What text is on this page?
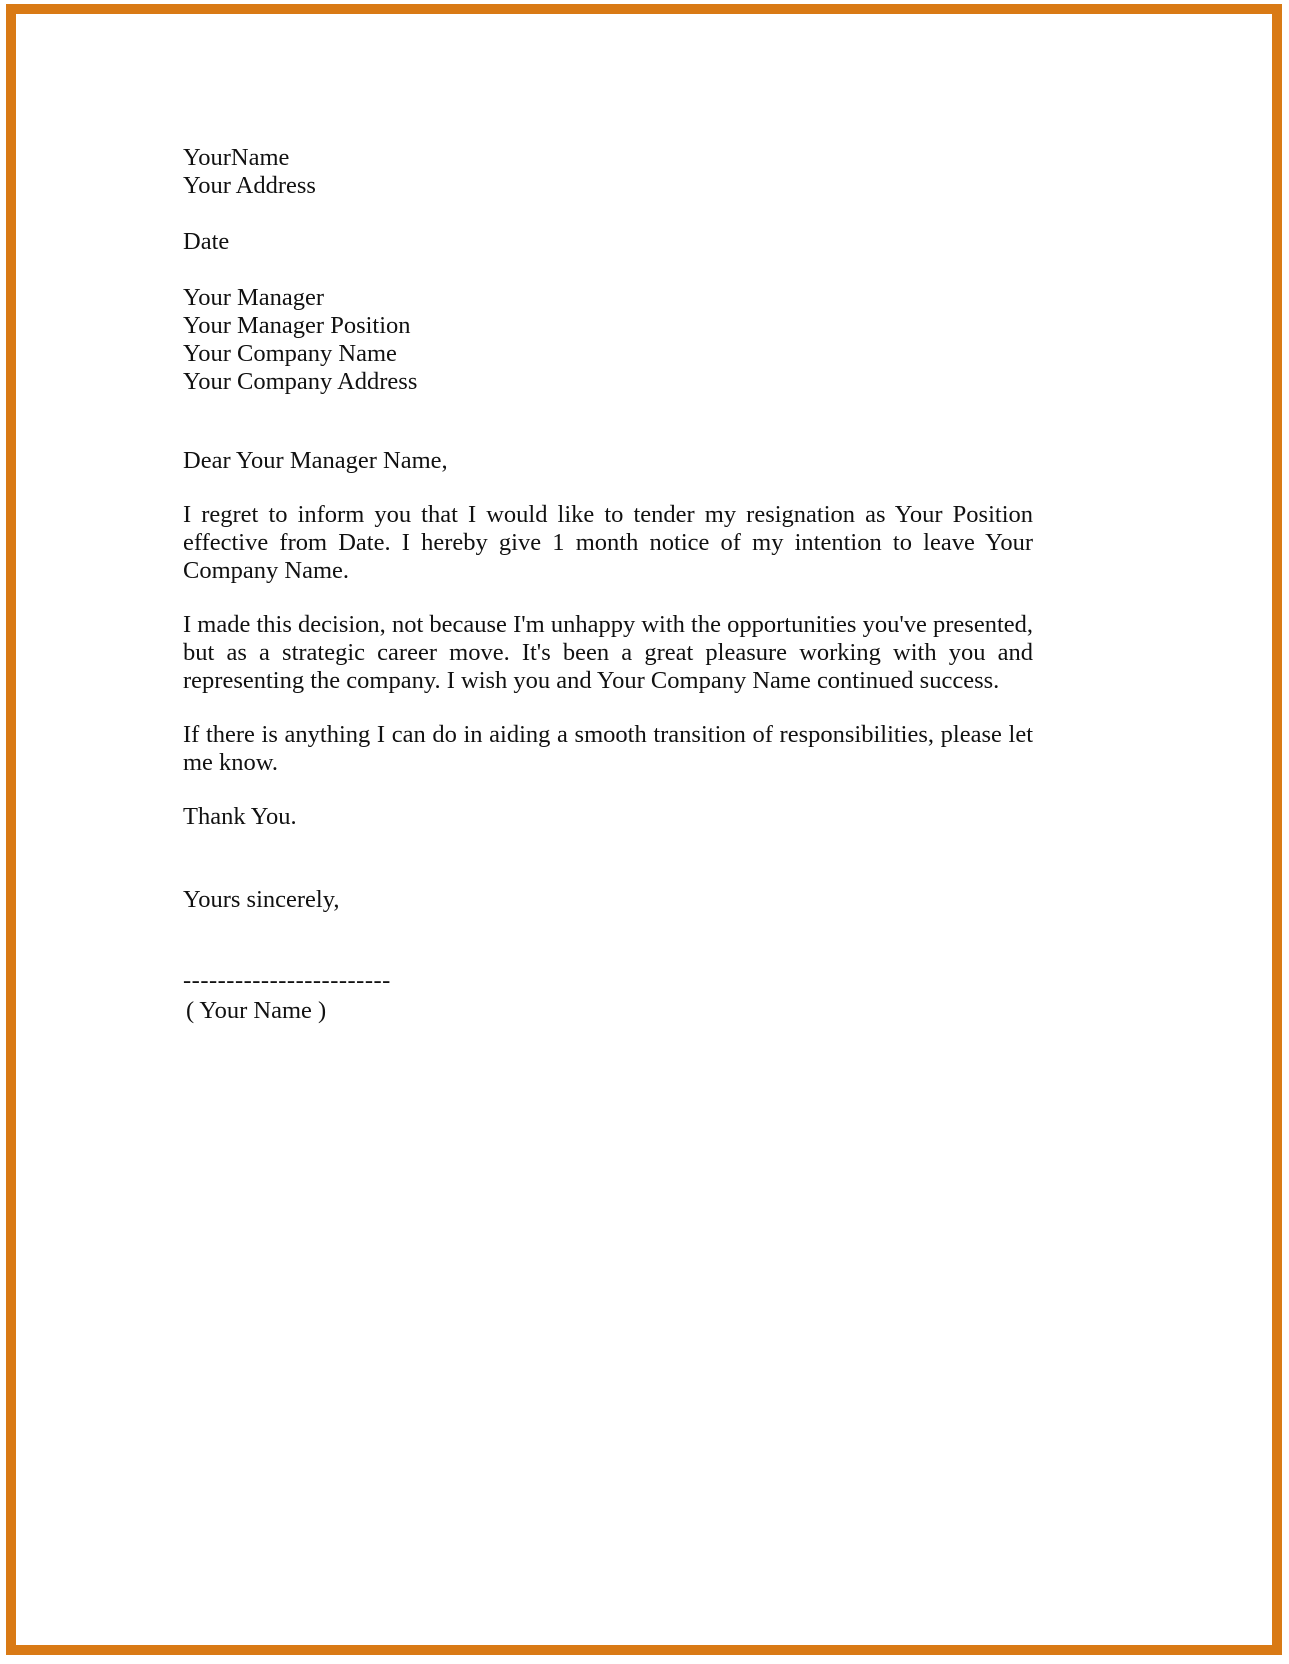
YourName
Your Address
Date
Your Manager
Your Manager Position
Your Company Name
Your Company Address

Dear Your Manager Name,

I regret to inform you that I would like to tender my resignation as Your Position effective from Date. I hereby give 1 month notice of my intention to leave Your Company Name.

I made this decision, not because I'm unhappy with the opportunities you've presented, but as a strategic career move. It's been a great pleasure working with you and representing the company. I wish you and Your Company Name continued success.

If there is anything I can do in aiding a smooth transition of responsibilities, please let me know.

Thank You.

Yours sincerely,

------------------------

( Your Name )
